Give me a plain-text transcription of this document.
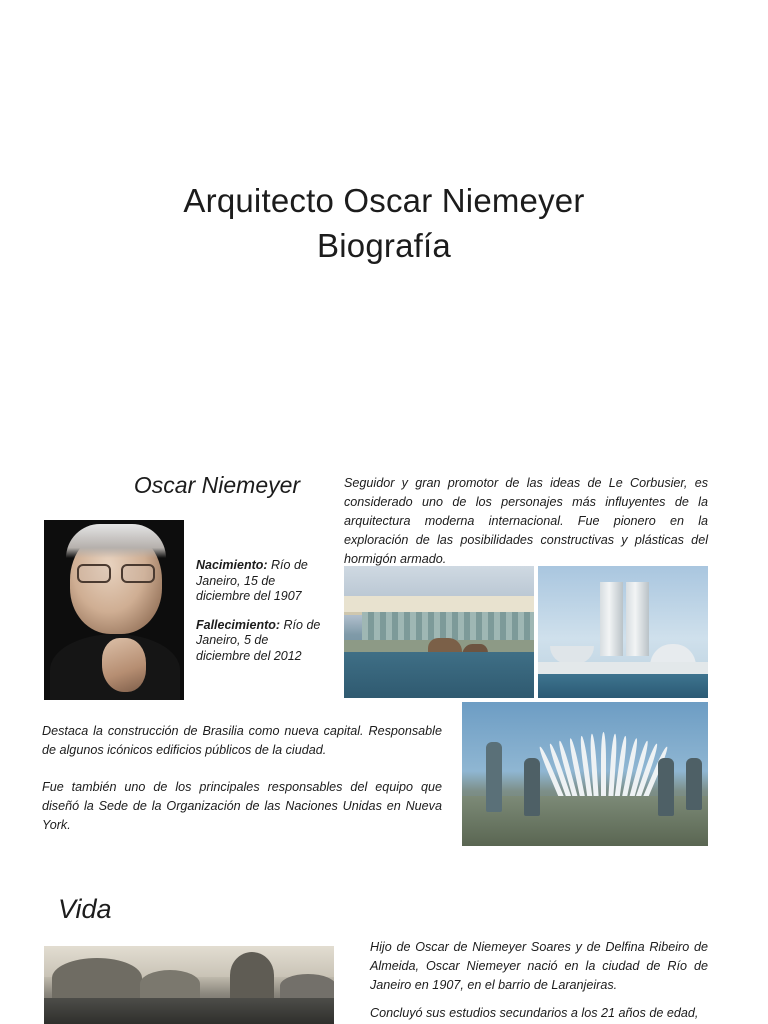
Arquitecto Oscar Niemeyer
Biografía
Oscar Niemeyer

Nacimiento: Río de Janeiro, 15 de diciembre del 1907

Fallecimiento: Río de Janeiro, 5 de diciembre del 2012

Seguidor y gran promotor de las ideas de Le Corbusier, es considerado uno de los personajes más influyentes de la arquitectura moderna internacional. Fue pionero en la exploración de las posibilidades constructivas y plásticas del hormigón armado.
Destaca la construcción de Brasilia como nueva capital. Responsable de algunos icónicos edificios públicos de la ciudad.
Fue también uno de los principales responsables del equipo que diseñó la Sede de la Organización de las Naciones Unidas en Nueva York.
Vida
Hijo de Oscar de Niemeyer Soares y de Delfina Ribeiro de Almeida, Oscar Niemeyer nació en la ciudad de Río de Janeiro en 1907, en el barrio de Laranjeiras.
Concluyó sus estudios secundarios a los 21 años de edad,
